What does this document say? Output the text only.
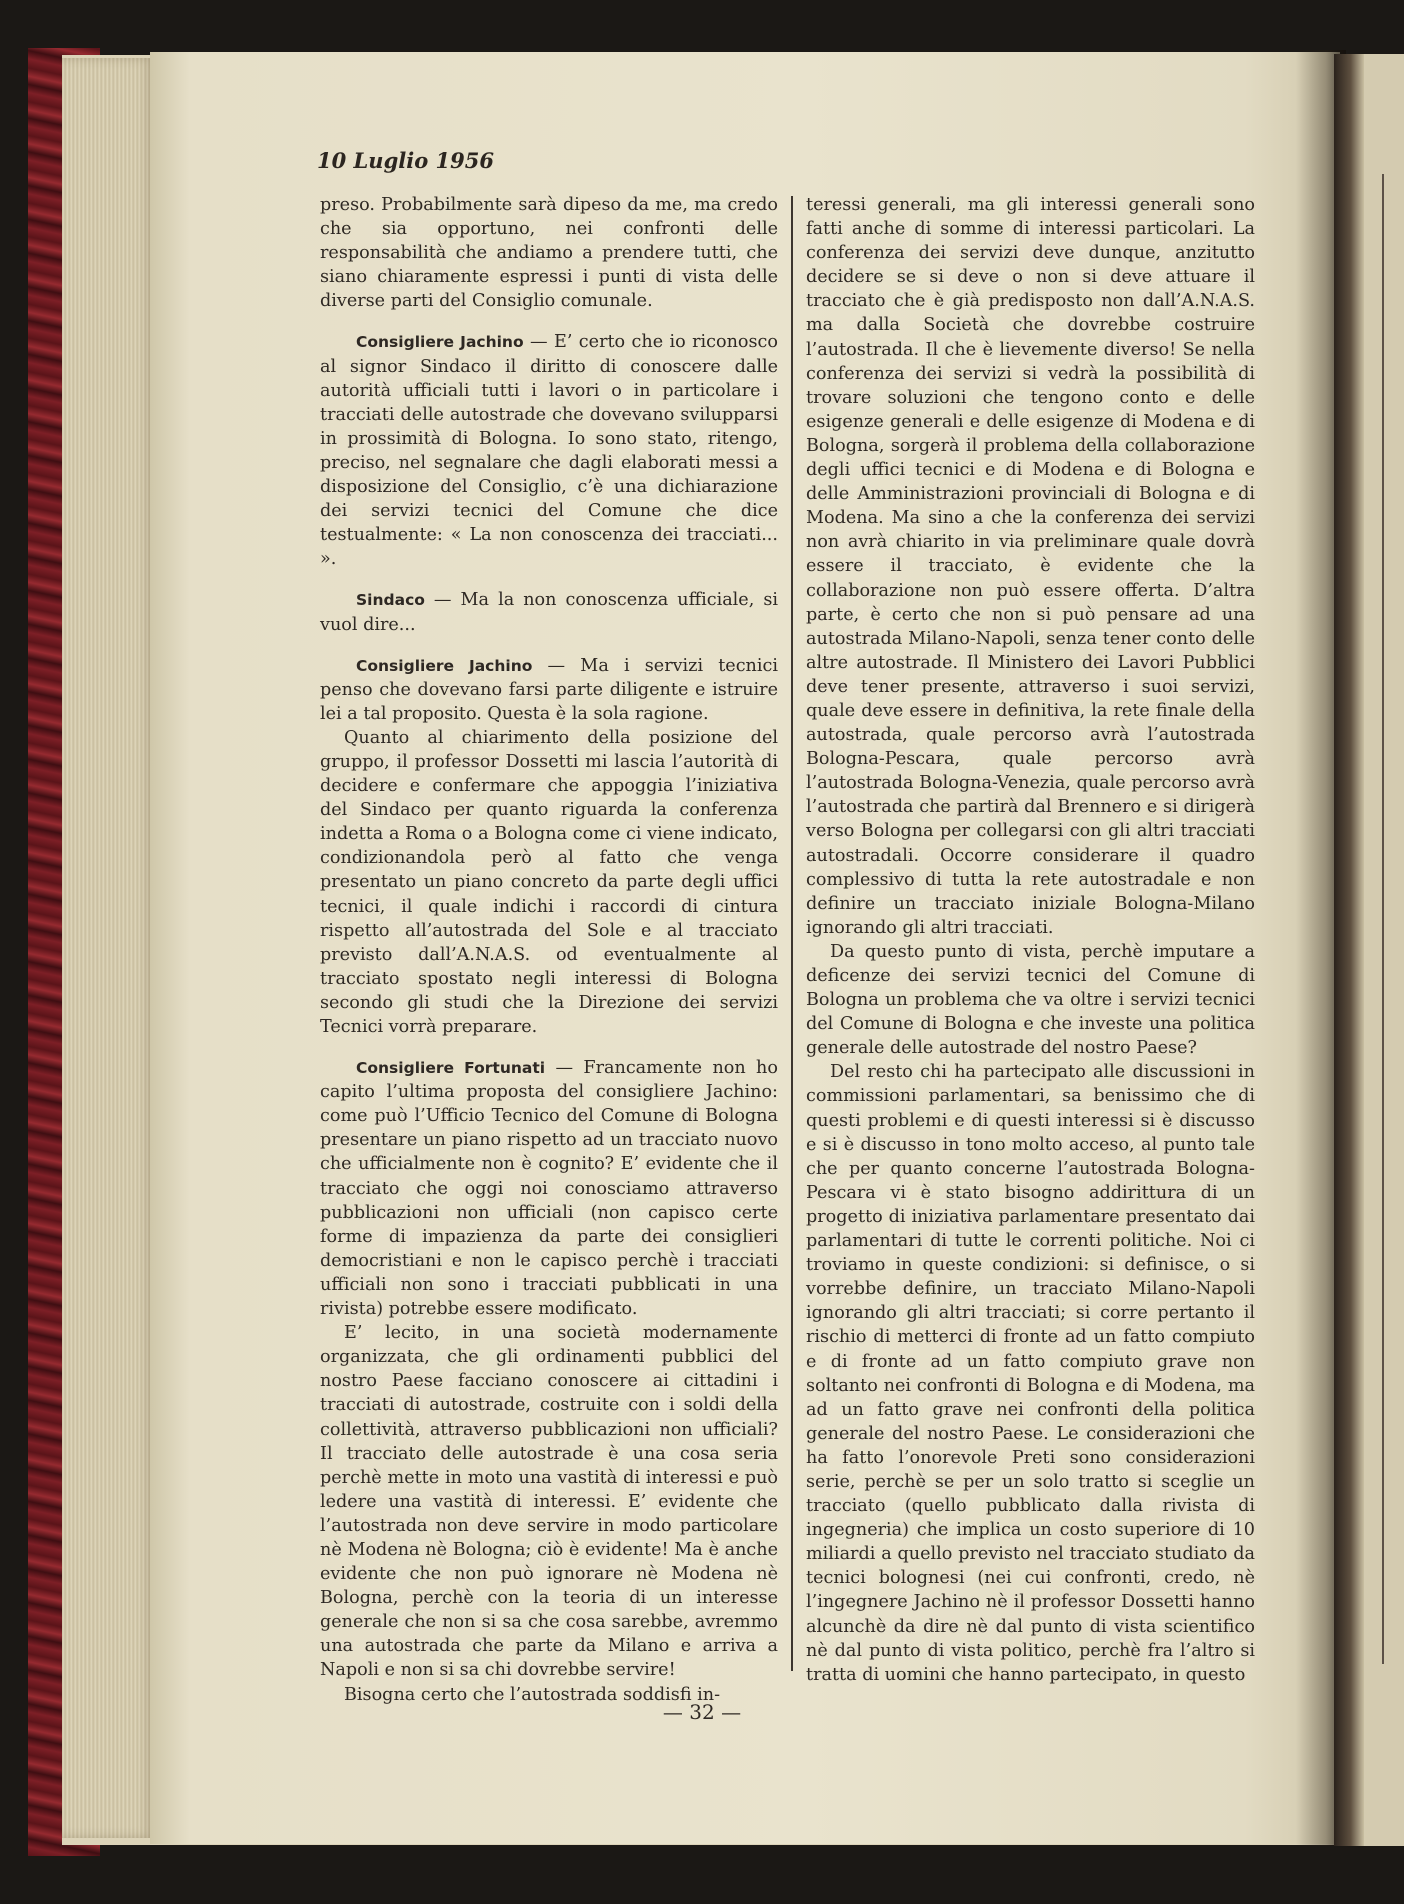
10 Luglio 1956

preso. Probabilmente sarà dipeso da me, ma credo che sia opportuno, nei confronti delle responsabilità che andiamo a prendere tutti, che siano chiaramente espressi i punti di vista delle diverse parti del Consiglio comunale.

Consigliere Jachino — E’ certo che io riconosco al signor Sindaco il diritto di conoscere dalle autorità ufficiali tutti i lavori o in particolare i tracciati delle autostrade che dovevano svilupparsi in prossimità di Bologna. Io sono stato, ritengo, preciso, nel segnalare che dagli elaborati messi a disposizione del Consiglio, c’è una dichiarazione dei servizi tecnici del Comune che dice testualmente: « La non conoscenza dei tracciati... ».

Sindaco — Ma la non conoscenza ufficiale, si vuol dire...

Consigliere Jachino — Ma i servizi tecnici penso che dovevano farsi parte diligente e istruire lei a tal proposito. Questa è la sola ragione.

Quanto al chiarimento della posizione del gruppo, il professor Dossetti mi lascia l’autorità di decidere e confermare che appoggia l’iniziativa del Sindaco per quanto riguarda la conferenza indetta a Roma o a Bologna come ci viene indicato, condizionandola però al fatto che venga presentato un piano concreto da parte degli uffici tecnici, il quale indichi i raccordi di cintura rispetto all’autostrada del Sole e al tracciato previsto dall’A.N.A.S. od eventualmente al tracciato spostato negli interessi di Bologna secondo gli studi che la Direzione dei servizi Tecnici vorrà preparare.

Consigliere Fortunati — Francamente non ho capito l’ultima proposta del consigliere Jachino: come può l’Ufficio Tecnico del Comune di Bologna presentare un piano rispetto ad un tracciato nuovo che ufficialmente non è cognito? E’ evidente che il tracciato che oggi noi conosciamo attraverso pubblicazioni non ufficiali (non capisco certe forme di impazienza da parte dei consiglieri democristiani e non le capisco perchè i tracciati ufficiali non sono i tracciati pubblicati in una rivista) potrebbe essere modificato.

E’ lecito, in una società modernamente organizzata, che gli ordinamenti pubblici del nostro Paese facciano conoscere ai cittadini i tracciati di autostrade, costruite con i soldi della collettività, attraverso pubblicazioni non ufficiali? Il tracciato delle autostrade è una cosa seria perchè mette in moto una vastità di interessi e può ledere una vastità di interessi. E’ evidente che l’autostrada non deve servire in modo particolare nè Modena nè Bologna; ciò è evidente! Ma è anche evidente che non può ignorare nè Modena nè Bologna, perchè con la teoria di un interesse generale che non si sa che cosa sarebbe, avremmo una autostrada che parte da Milano e arriva a Napoli e non si sa chi dovrebbe servire!

Bisogna certo che l’autostrada soddisfi in-

teressi generali, ma gli interessi generali sono fatti anche di somme di interessi particolari. La conferenza dei servizi deve dunque, anzitutto decidere se si deve o non si deve attuare il tracciato che è già predisposto non dall’A.N.A.S. ma dalla Società che dovrebbe costruire l’autostrada. Il che è lievemente diverso! Se nella conferenza dei servizi si vedrà la possibilità di trovare soluzioni che tengono conto e delle esigenze generali e delle esigenze di Modena e di Bologna, sorgerà il problema della collaborazione degli uffici tecnici e di Modena e di Bologna e delle Amministrazioni provinciali di Bologna e di Modena. Ma sino a che la conferenza dei servizi non avrà chiarito in via preliminare quale dovrà essere il tracciato, è evidente che la collaborazione non può essere offerta. D’altra parte, è certo che non si può pensare ad una autostrada Milano-Napoli, senza tener conto delle altre autostrade. Il Ministero dei Lavori Pubblici deve tener presente, attraverso i suoi servizi, quale deve essere in definitiva, la rete finale della autostrada, quale percorso avrà l’autostrada Bologna-Pescara, quale percorso avrà l’autostrada Bologna-Venezia, quale percorso avrà l’autostrada che partirà dal Brennero e si dirigerà verso Bologna per collegarsi con gli altri tracciati autostradali. Occorre considerare il quadro complessivo di tutta la rete autostradale e non definire un tracciato iniziale Bologna-Milano ignorando gli altri tracciati.

Da questo punto di vista, perchè imputare a deficenze dei servizi tecnici del Comune di Bologna un problema che va oltre i servizi tecnici del Comune di Bologna e che investe una politica generale delle autostrade del nostro Paese?

Del resto chi ha partecipato alle discussioni in commissioni parlamentari, sa benissimo che di questi problemi e di questi interessi si è discusso e si è discusso in tono molto acceso, al punto tale che per quanto concerne l’autostrada Bologna-Pescara vi è stato bisogno addirittura di un progetto di iniziativa parlamentare presentato dai parlamentari di tutte le correnti politiche. Noi ci troviamo in queste condizioni: si definisce, o si vorrebbe definire, un tracciato Milano-Napoli ignorando gli altri tracciati; si corre pertanto il rischio di metterci di fronte ad un fatto compiuto e di fronte ad un fatto compiuto grave non soltanto nei confronti di Bologna e di Modena, ma ad un fatto grave nei confronti della politica generale del nostro Paese. Le considerazioni che ha fatto l’onorevole Preti sono considerazioni serie, perchè se per un solo tratto si sceglie un tracciato (quello pubblicato dalla rivista di ingegneria) che implica un costo superiore di 10 miliardi a quello previsto nel tracciato studiato da tecnici bolognesi (nei cui confronti, credo, nè l’ingegnere Jachino nè il professor Dossetti hanno alcunchè da dire nè dal punto di vista scientifico nè dal punto di vista politico, perchè fra l’altro si tratta di uomini che hanno partecipato, in questo

— 32 —
